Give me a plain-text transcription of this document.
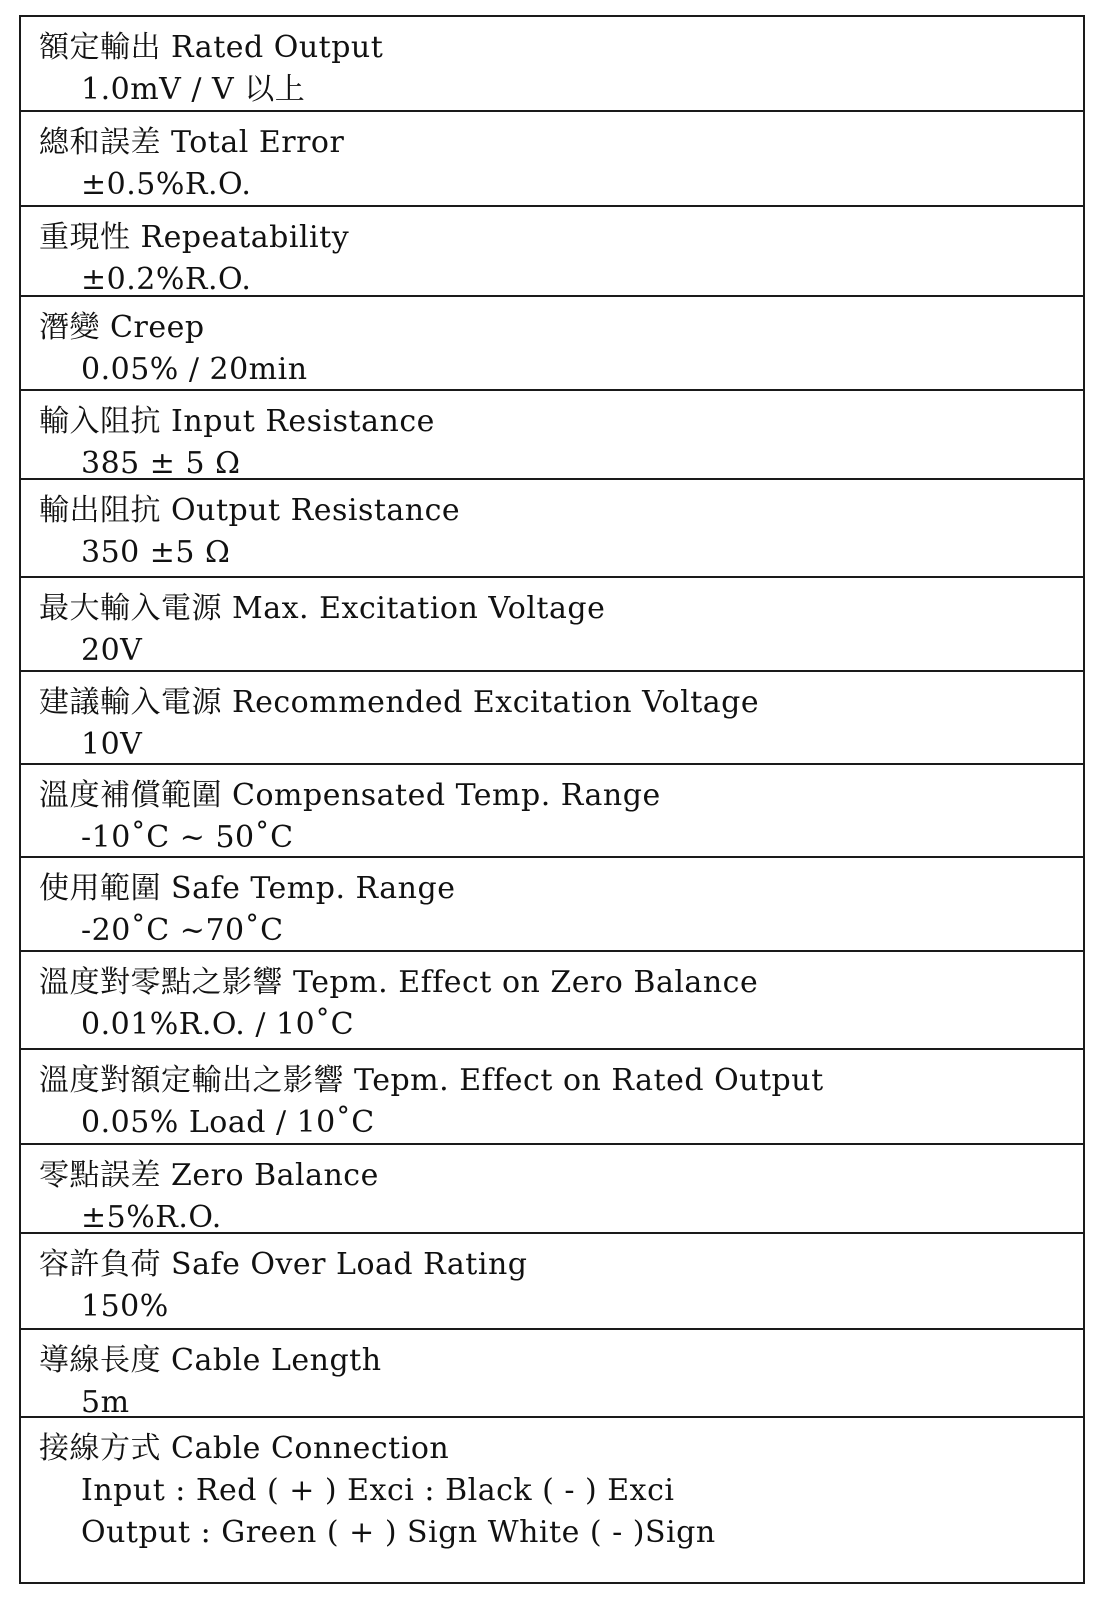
額定輸出 Rated Output
1.0mV / V 以上
總和誤差 Total Error
±0.5%R.O.
重現性 Repeatability
±0.2%R.O.
潛變 Creep
0.05% / 20min
輸入阻抗 Input Resistance
385 ± 5 Ω
輸出阻抗 Output Resistance
350 ±5 Ω
最大輸入電源 Max. Excitation Voltage
20V
建議輸入電源 Recommended Excitation Voltage
10V
溫度補償範圍 Compensated Temp. Range
-10˚C ~ 50˚C
使用範圍 Safe Temp. Range
-20˚C ~70˚C
溫度對零點之影響 Tepm. Effect on Zero Balance
0.01%R.O. / 10˚C
溫度對額定輸出之影響 Tepm. Effect on Rated Output
0.05% Load / 10˚C
零點誤差 Zero Balance
±5%R.O.
容許負荷 Safe Over Load Rating
150%
導線長度 Cable Length
5m
接線方式 Cable Connection
Input : Red ( + ) Exci : Black ( - ) Exci
Output : Green ( + ) Sign White ( - )Sign
